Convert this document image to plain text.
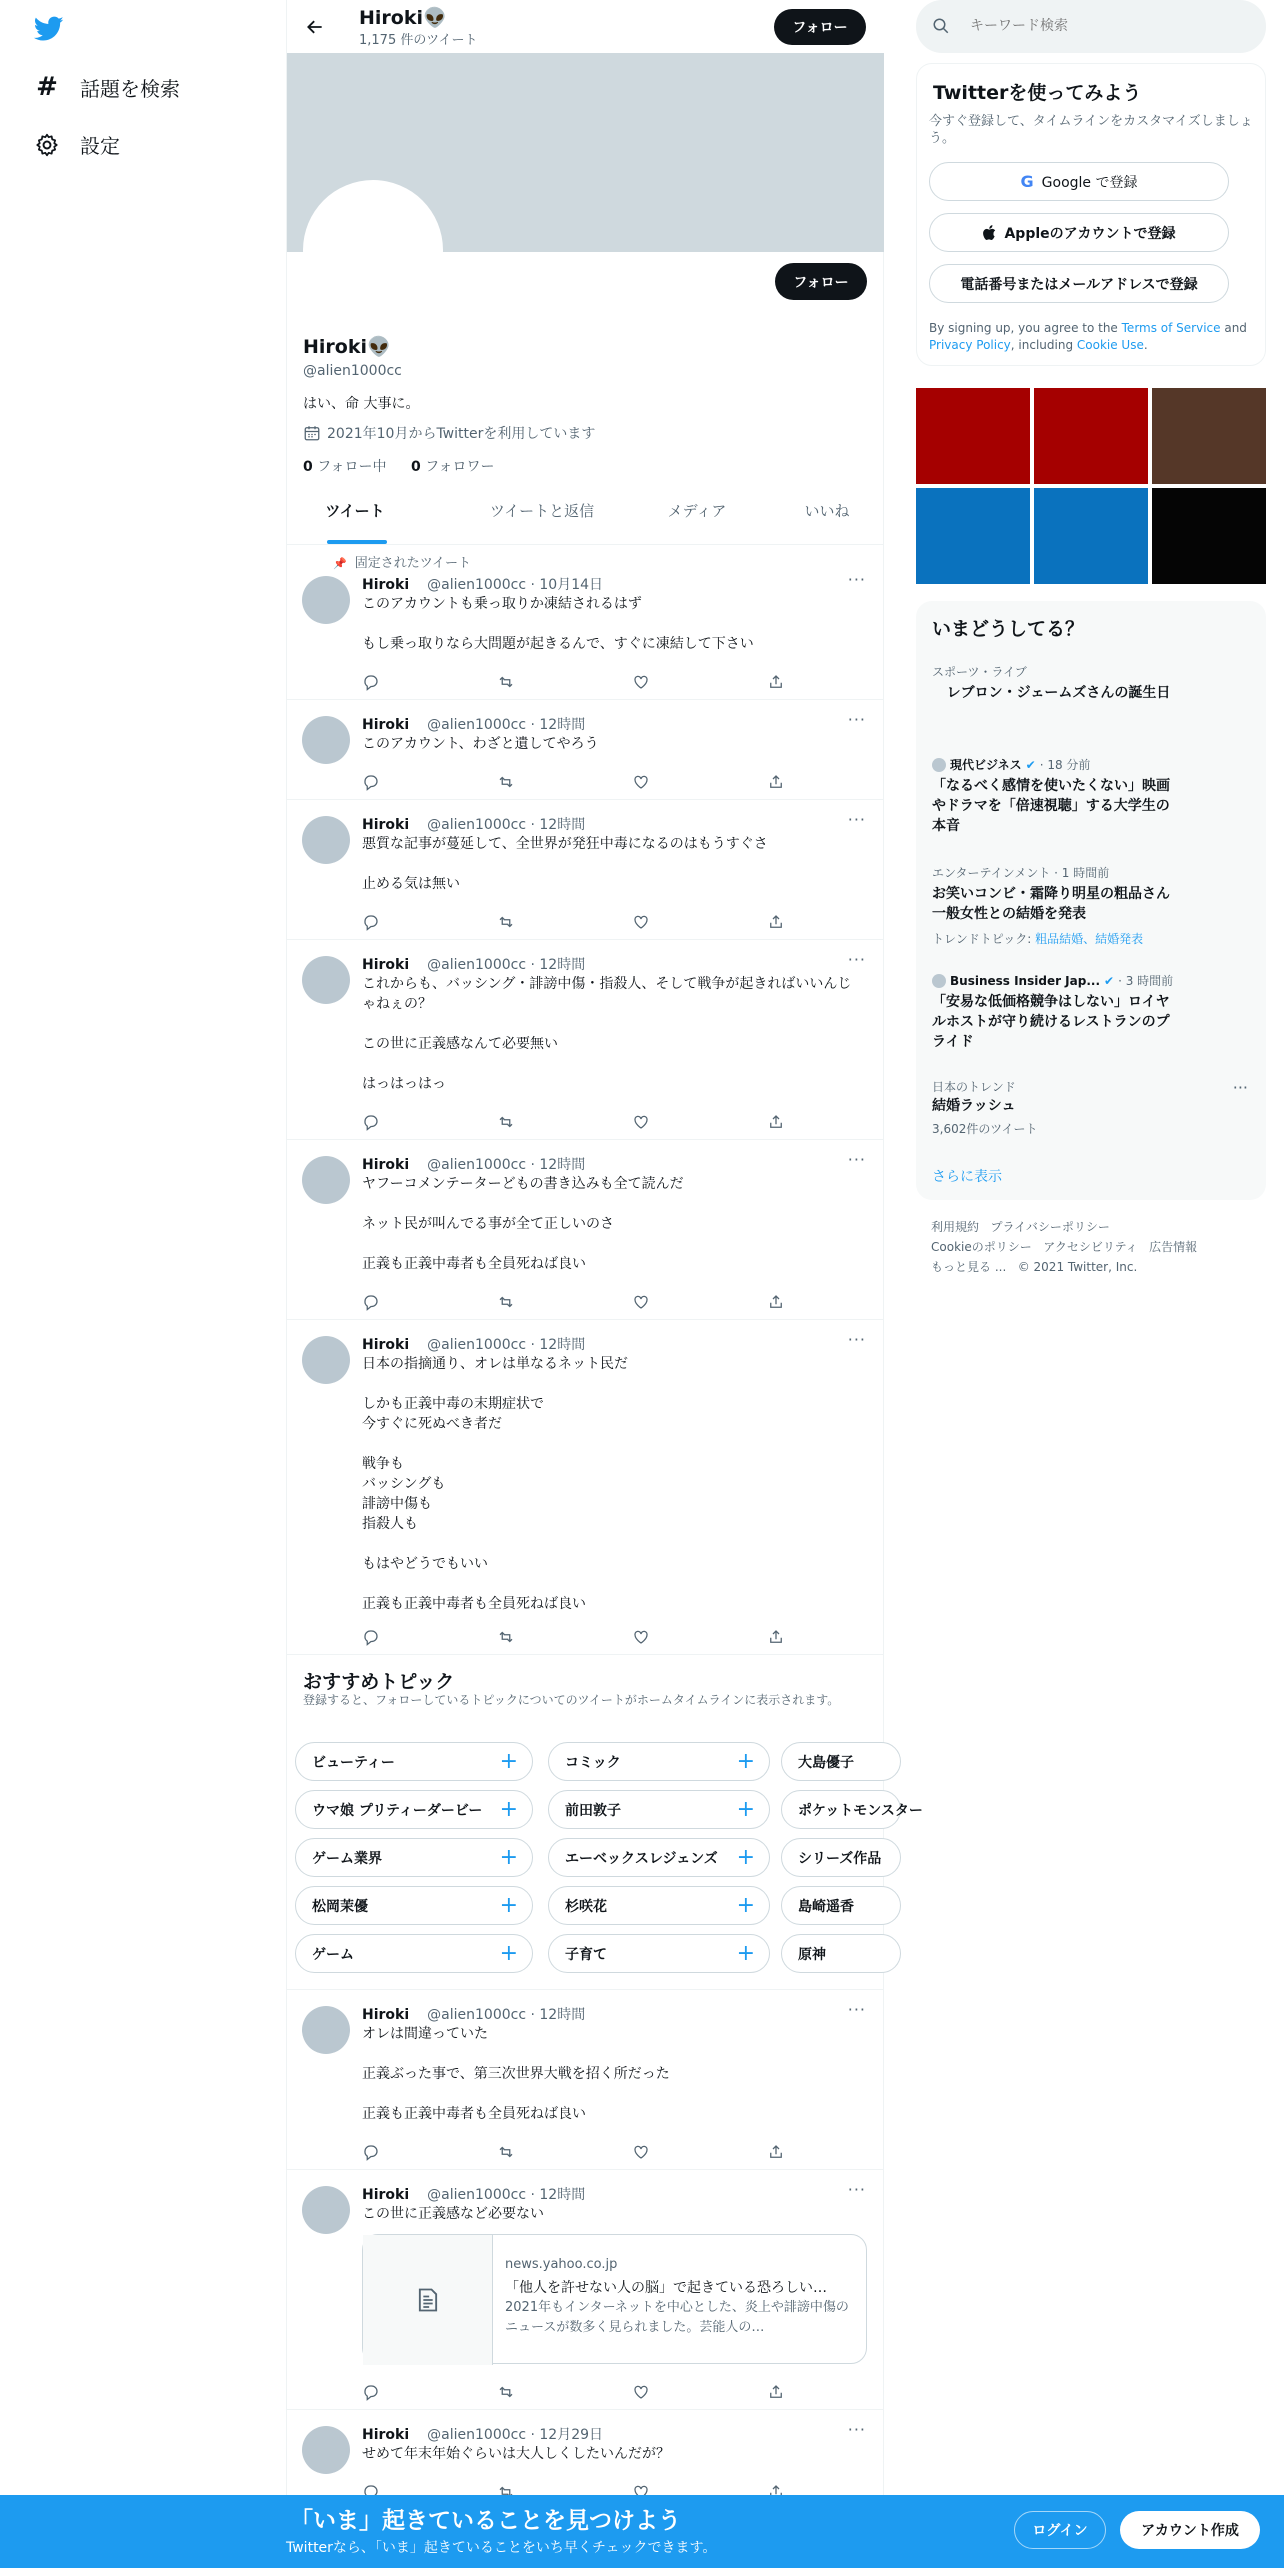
# 話題を検索
設定
Hiroki👽
1,175 件のツイート
フォロー
フォロー
Hiroki👽
@alien1000cc
はい、命 大事に。
2021年10月からTwitterを利用しています
0 フォロー中 0 フォロワー
ツイート	ツイートと返信	メディア	いいね
📌 固定されたツイート
Hiroki @alien1000cc · 10月14日	···
このアカウントも乗っ取りか凍結されるはず

もし乗っ取りなら大問題が起きるんで、すぐに凍結して下さい
Hiroki @alien1000cc · 12時間	···
このアカウント、わざと遺してやろう
Hiroki @alien1000cc · 12時間	···
悪質な記事が蔓延して、全世界が発狂中毒になるのはもうすぐさ

止める気は無い
Hiroki @alien1000cc · 12時間	···
これからも、バッシング・誹謗中傷・指殺人、そして戦争が起きればいいんじゃねぇの？

この世に正義感なんて必要無い

はっはっはっ
Hiroki @alien1000cc · 12時間	···
ヤフーコメンテーターどもの書き込みも全て読んだ

ネット民が叫んでる事が全て正しいのさ

正義も正義中毒者も全員死ねば良い
Hiroki @alien1000cc · 12時間	···
日本の指摘通り、オレは単なるネット民だ

しかも正義中毒の末期症状で
今すぐに死ぬべき者だ

戦争も
バッシングも
誹謗中傷も
指殺人も

もはやどうでもいい

正義も正義中毒者も全員死ねば良い
Hiroki @alien1000cc · 12時間	···
オレは間違っていた

正義ぶった事で、第三次世界大戦を招く所だった

正義も正義中毒者も全員死ねば良い
Hiroki @alien1000cc · 12時間	···
この世に正義感など必要ない
news.yahoo.co.jp
「他人を許せない人の脳」で起きている恐ろしい…
2021年もインターネットを中心とした、炎上や誹謗中傷のニュースが数多く見られました。芸能人の…
Hiroki @alien1000cc · 12月29日	···
せめて年末年始ぐらいは大人しくしたいんだが？
おすすめトピック
登録すると、フォローしているトピックについてのツイートがホームタイムラインに表示されます。
ビューティー	+	コミック	+	大島優子
ウマ娘 プリティーダービー +	前田敦子	+	ポケットモンスター
ゲーム業界	+	エーベックスレジェンズ +	シリーズ作品
松岡茉優	+	杉咲花	+	島崎遥香
ゲーム	+	子育て	+	原神
キーワード検索
Twitterを使ってみよう
今すぐ登録して、タイムラインをカスタマイズしましょう。
G Google で登録
Appleのアカウントで登録
電話番号またはメールアドレスで登録
By signing up, you agree to the Terms of Service and Privacy Policy, including Cookie Use.
いまどうしてる？
スポーツ・ライブ
レブロン・ジェームズさんの誕生日
現代ビジネス ✔ · 18 分前
「なるべく感情を使いたくない」映画やドラマを「倍速視聴」する大学生の本音
エンターテインメント · 1 時間前
お笑いコンビ・霜降り明星の粗品さん 一般女性との結婚を発表
トレンドトピック: 粗品結婚、結婚発表
Business Insider Jap... ✔ · 3 時間前
「安易な低価格競争はしない」ロイヤルホストが守り続けるレストランのプライド
日本のトレンド	···
結婚ラッシュ
3,602件のツイート
さらに表示
利用規約 プライバシーポリシー
Cookieのポリシー アクセシビリティ 広告情報
もっと見る ... © 2021 Twitter, Inc.
「いま」起きていることを見つけよう
Twitterなら、「いま」起きていることをいち早くチェックできます。
ログイン	アカウント作成
